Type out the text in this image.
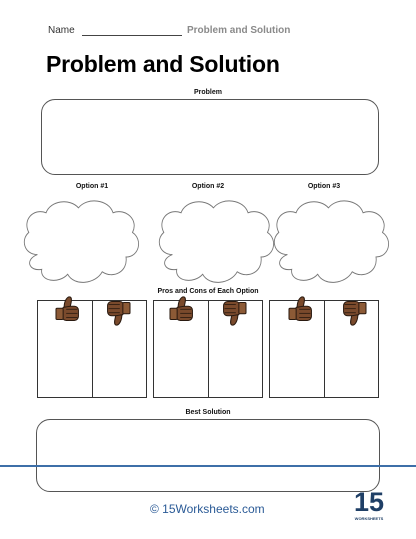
Name	Problem and Solution
Problem and Solution
Problem
Option #1	Option #2	Option #3
Pros and Cons of Each Option
Best Solution
© 15Worksheets.com	15
WORKSHEETS
